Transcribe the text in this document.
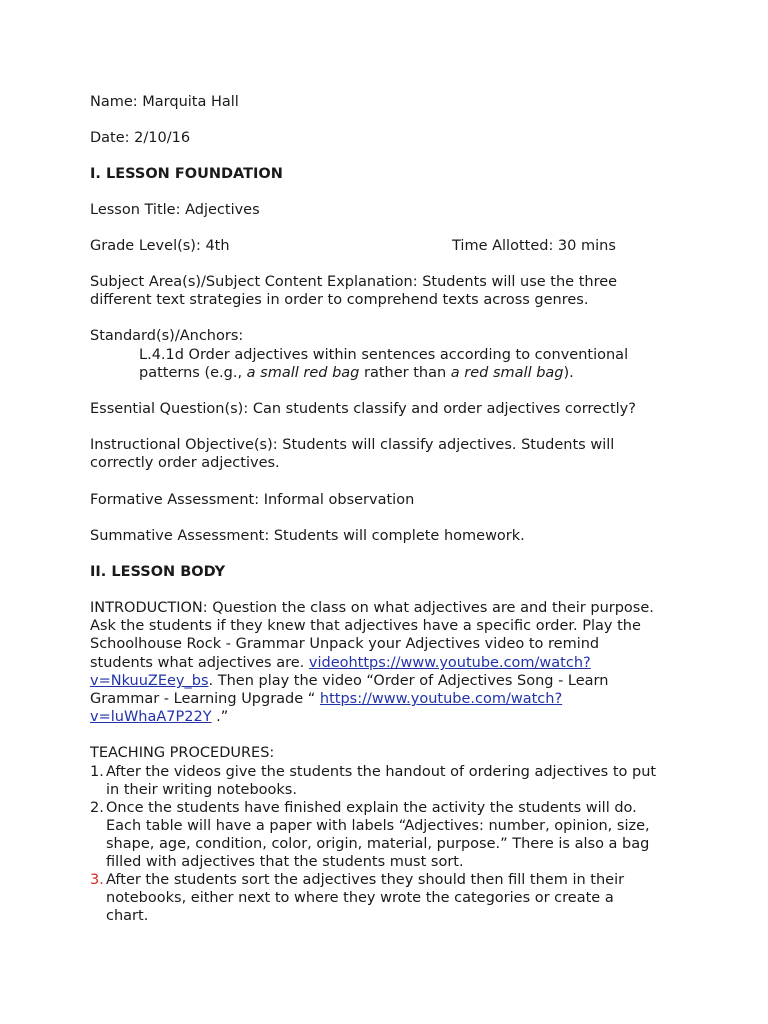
Name: Marquita Hall
Date: 2/10/16
I. LESSON FOUNDATION
Lesson Title: Adjectives
Grade Level(s): 4th	Time Allotted: 30 mins
Subject Area(s)/Subject Content Explanation: Students will use the three
different text strategies in order to comprehend texts across genres.
Standard(s)/Anchors:
L.4.1d Order adjectives within sentences according to conventional
patterns (e.g., a small red bag rather than a red small bag).
Essential Question(s): Can students classify and order adjectives correctly?
Instructional Objective(s): Students will classify adjectives. Students will
correctly order adjectives.
Formative Assessment: Informal observation
Summative Assessment: Students will complete homework.
II. LESSON BODY
INTRODUCTION: Question the class on what adjectives are and their purpose.
Ask the students if they knew that adjectives have a specific order. Play the
Schoolhouse Rock - Grammar Unpack your Adjectives video to remind
students what adjectives are. videohttps://www.youtube.com/watch?
v=NkuuZEey_bs. Then play the video “Order of Adjectives Song - Learn
Grammar - Learning Upgrade “ https://www.youtube.com/watch?
v=luWhaA7P22Y .”
TEACHING PROCEDURES:
1. After the videos give the students the handout of ordering adjectives to put
in their writing notebooks.
2. Once the students have finished explain the activity the students will do.
Each table will have a paper with labels “Adjectives: number, opinion, size,
shape, age, condition, color, origin, material, purpose.” There is also a bag
filled with adjectives that the students must sort.
3. After the students sort the adjectives they should then fill them in their
notebooks, either next to where they wrote the categories or create a
chart.
